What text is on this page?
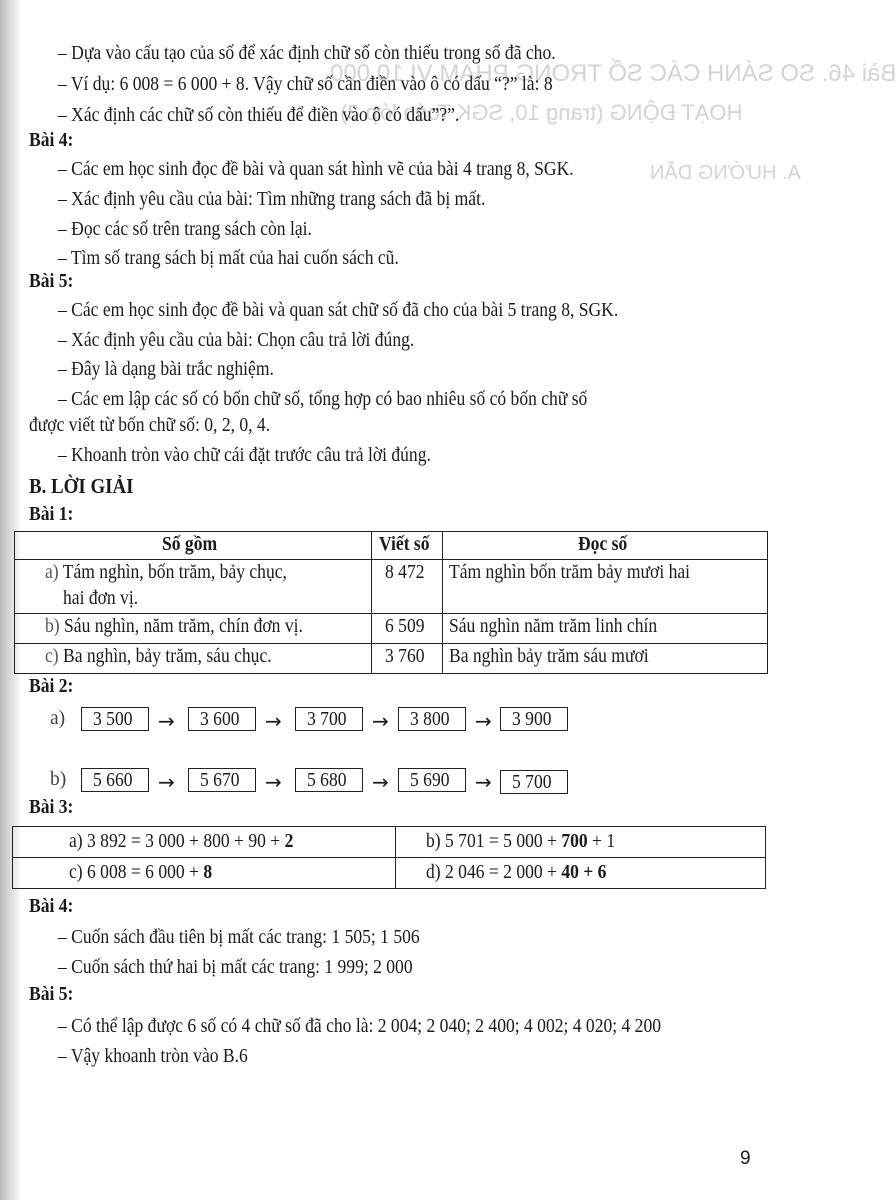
Bài 46. SO SÁNH CÁC SỐ TRONG PHẠM VI 10 000
HOẠT ĐỘNG (trang 10, SGK Toán lớp 3)
A. HƯỚNG DẪN
– Dựa vào cấu tạo của số để xác định chữ số còn thiếu trong số đã cho.
– Ví dụ: 6 008 = 6 000 + 8. Vậy chữ số cần điền vào ô có dấu “?” là: 8
– Xác định các chữ số còn thiếu để điền vào ô có dấu”?”.
Bài 4:
– Các em học sinh đọc đề bài và quan sát hình vẽ của bài 4 trang 8, SGK.
– Xác định yêu cầu của bài: Tìm những trang sách đã bị mất.
– Đọc các số trên trang sách còn lại.
– Tìm số trang sách bị mất của hai cuốn sách cũ.
Bài 5:
– Các em học sinh đọc đề bài và quan sát chữ số đã cho của bài 5 trang 8, SGK.
– Xác định yêu cầu của bài: Chọn câu trả lời đúng.
– Đây là dạng bài trắc nghiệm.
– Các em lập các số có bốn chữ số, tổng hợp có bao nhiêu số có bốn chữ số
được viết từ bốn chữ số: 0, 2, 0, 4.
– Khoanh tròn vào chữ cái đặt trước câu trả lời đúng.
B. LỜI GIẢI
Bài 1:
Số gồm	Viết số	Đọc số
a) Tám nghìn, bốn trăm, bảy chục,
hai đơn vị.	8 472	Tám nghìn bốn trăm bảy mươi hai
b) Sáu nghìn, năm trăm, chín đơn vị.	6 509	Sáu nghìn năm trăm linh chín
c) Ba nghìn, bảy trăm, sáu chục.	3 760	Ba nghìn bảy trăm sáu mươi
Bài 2:
a)	3 500	→	3 600	→	3 700	→	3 800	→	3 900
b)	5 660	→	5 670	→	5 680	→	5 690	→	5 700
Bài 3:
a) 3 892 = 3 000 + 800 + 90 + 2	b) 5 701 = 5 000 + 700 + 1
c) 6 008 = 6 000 + 8	d) 2 046 = 2 000 + 40 + 6
Bài 4:
– Cuốn sách đầu tiên bị mất các trang: 1 505; 1 506
– Cuốn sách thứ hai bị mất các trang: 1 999; 2 000
Bài 5:
– Có thể lập được 6 số có 4 chữ số đã cho là: 2 004; 2 040; 2 400; 4 002; 4 020; 4 200
– Vậy khoanh tròn vào B.6
9
